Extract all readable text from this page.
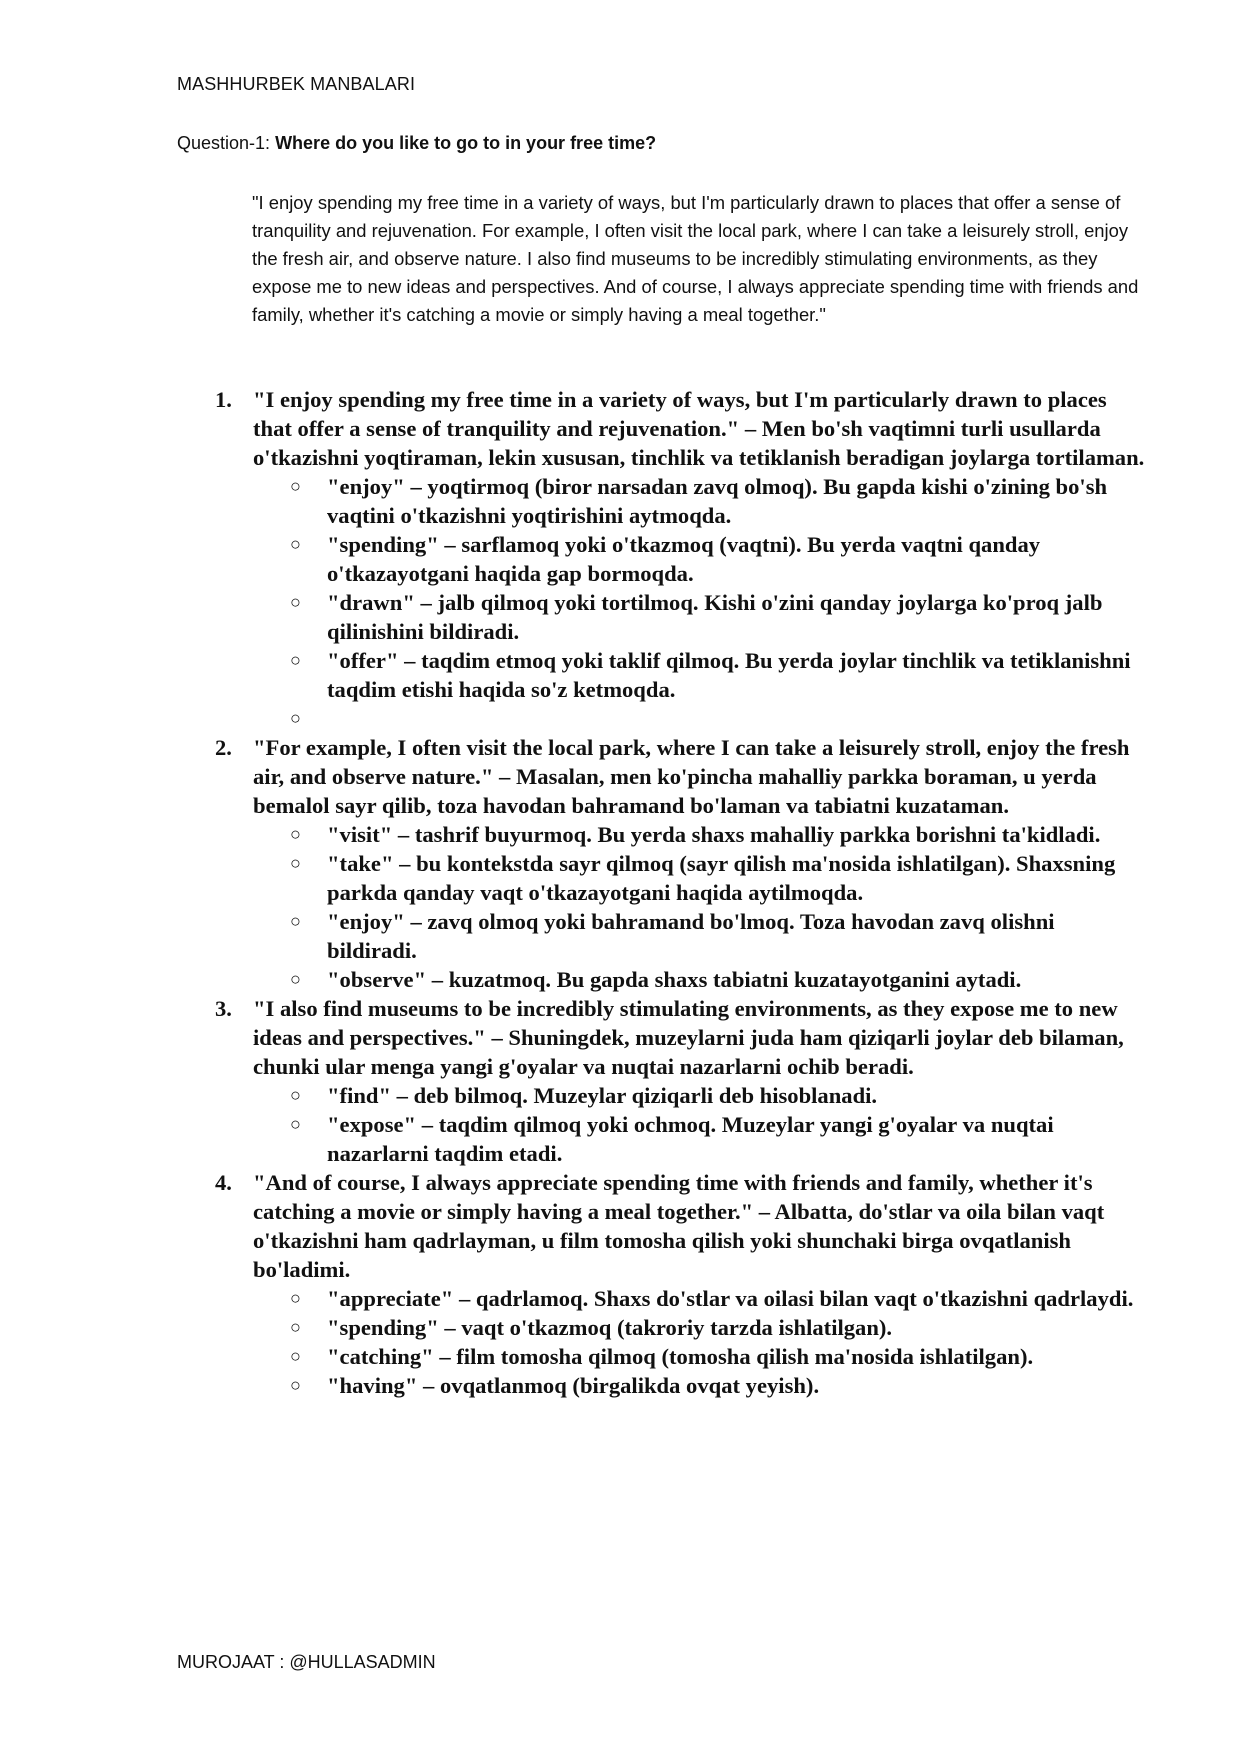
MASHHURBEK MANBALARI
Question-1: Where do you like to go to in your free time?

"I enjoy spending my free time in a variety of ways, but I'm particularly drawn to places that offer a sense of tranquility and rejuvenation. For example, I often visit the local park, where I can take a leisurely stroll, enjoy the fresh air, and observe nature. I also find museums to be incredibly stimulating environments, as they expose me to new ideas and perspectives. And of course, I always appreciate spending time with friends and family, whether it's catching a movie or simply having a meal together."

1. "I enjoy spending my free time in a variety of ways, but I'm particularly drawn to places that offer a sense of tranquility and rejuvenation." – Men bo'sh vaqtimni turli usullarda o'tkazishni yoqtiraman, lekin xususan, tinchlik va tetiklanish beradigan joylarga tortilaman.
○ "enjoy" – yoqtirmoq (biror narsadan zavq olmoq). Bu gapda kishi o'zining bo'sh vaqtini o'tkazishni yoqtirishini aytmoqda.
○ "spending" – sarflamoq yoki o'tkazmoq (vaqtni). Bu yerda vaqtni qanday o'tkazayotgani haqida gap bormoqda.
○ "drawn" – jalb qilmoq yoki tortilmoq. Kishi o'zini qanday joylarga ko'proq jalb qilinishini bildiradi.
○ "offer" – taqdim etmoq yoki taklif qilmoq. Bu yerda joylar tinchlik va tetiklanishni taqdim etishi haqida so'z ketmoqda.
○
2. "For example, I often visit the local park, where I can take a leisurely stroll, enjoy the fresh air, and observe nature." – Masalan, men ko'pincha mahalliy parkka boraman, u yerda bemalol sayr qilib, toza havodan bahramand bo'laman va tabiatni kuzataman.
○ "visit" – tashrif buyurmoq. Bu yerda shaxs mahalliy parkka borishni ta'kidladi.
○ "take" – bu kontekstda sayr qilmoq (sayr qilish ma'nosida ishlatilgan). Shaxsning parkda qanday vaqt o'tkazayotgani haqida aytilmoqda.
○ "enjoy" – zavq olmoq yoki bahramand bo'lmoq. Toza havodan zavq olishni bildiradi.
○ "observe" – kuzatmoq. Bu gapda shaxs tabiatni kuzatayotganini aytadi.
3. "I also find museums to be incredibly stimulating environments, as they expose me to new ideas and perspectives." – Shuningdek, muzeylarni juda ham qiziqarli joylar deb bilaman, chunki ular menga yangi g'oyalar va nuqtai nazarlarni ochib beradi.
○ "find" – deb bilmoq. Muzeylar qiziqarli deb hisoblanadi.
○ "expose" – taqdim qilmoq yoki ochmoq. Muzeylar yangi g'oyalar va nuqtai nazarlarni taqdim etadi.
4. "And of course, I always appreciate spending time with friends and family, whether it's catching a movie or simply having a meal together." – Albatta, do'stlar va oila bilan vaqt o'tkazishni ham qadrlayman, u film tomosha qilish yoki shunchaki birga ovqatlanish bo'ladimi.
○ "appreciate" – qadrlamoq. Shaxs do'stlar va oilasi bilan vaqt o'tkazishni qadrlaydi.
○ "spending" – vaqt o'tkazmoq (takroriy tarzda ishlatilgan).
○ "catching" – film tomosha qilmoq (tomosha qilish ma'nosida ishlatilgan).
○ "having" – ovqatlanmoq (birgalikda ovqat yeyish).
MUROJAAT : @HULLASADMIN
